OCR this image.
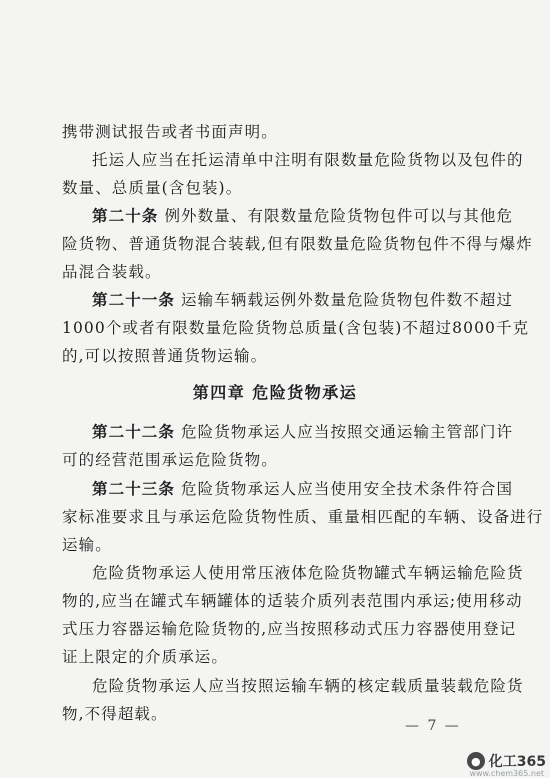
携带测试报告或者书面声明。
托运人应当在托运清单中注明有限数量危险货物以及包件的
数量、总质量(含包装)。
第二十条 例外数量、有限数量危险货物包件可以与其他危
险货物、普通货物混合装载,但有限数量危险货物包件不得与爆炸
品混合装载。
第二十一条 运输车辆载运例外数量危险货物包件数不超过
1000个或者有限数量危险货物总质量(含包装)不超过8000千克
的,可以按照普通货物运输。
第四章 危险货物承运
第二十二条 危险货物承运人应当按照交通运输主管部门许
可的经营范围承运危险货物。
第二十三条 危险货物承运人应当使用安全技术条件符合国
家标准要求且与承运危险货物性质、重量相匹配的车辆、设备进行
运输。
危险货物承运人使用常压液体危险货物罐式车辆运输危险货
物的,应当在罐式车辆罐体的适装介质列表范围内承运;使用移动
式压力容器运输危险货物的,应当按照移动式压力容器使用登记
证上限定的介质承运。
危险货物承运人应当按照运输车辆的核定载质量装载危险货
物,不得超载。
— 7 —
● 化工365
www.chem365.net
